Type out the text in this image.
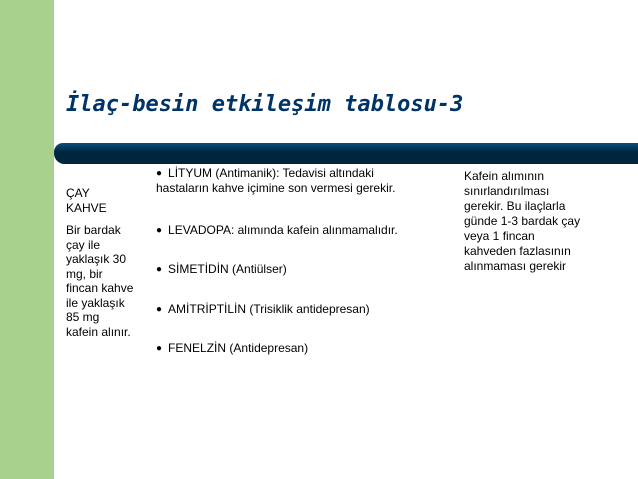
İlaç-besin etkileşim tablosu-3

ÇAY

KAHVE

Bir bardak

çay ile

yaklaşık 30

mg, bir

fincan kahve

ile yaklaşık

85 mg

kafein alınır.

● LİTYUM (Antimanik): Tedavisi altındaki
hastaların kahve içimine son vermesi gerekir.
● LEVADOPA: alımında kafein alınmamalıdır.
● SİMETİDİN (Antiülser)
● AMİTRİPTİLİN (Trisiklik antidepresan)
● FENELZİN (Antidepresan)
Kafein alımının
sınırlandırılması
gerekir. Bu ilaçlarla
günde 1-3 bardak çay
veya 1 fincan
kahveden fazlasının
alınmaması gerekir
